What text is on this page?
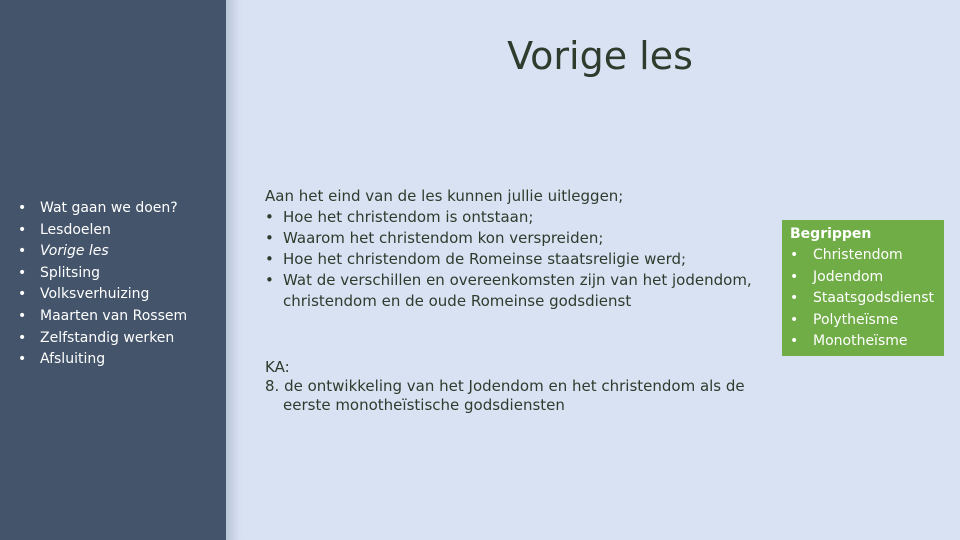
• Wat gaan we doen?
• Lesdoelen
• Vorige les
• Splitsing
• Volksverhuizing
• Maarten van Rossem
• Zelfstandig werken
• Afsluiting
Vorige les
Aan het eind van de les kunnen jullie uitleggen;
• Hoe het christendom is ontstaan;
• Waarom het christendom kon verspreiden;
• Hoe het christendom de Romeinse staatsreligie werd;
• Wat de verschillen en overeenkomsten zijn van het jodendom, christendom en de oude Romeinse godsdienst
KA:
8. de ontwikkeling van het Jodendom en het christendom als de eerste monotheïstische godsdiensten
Begrippen
• Christendom
• Jodendom
• Staatsgodsdienst
• Polytheïsme
• Monotheïsme
